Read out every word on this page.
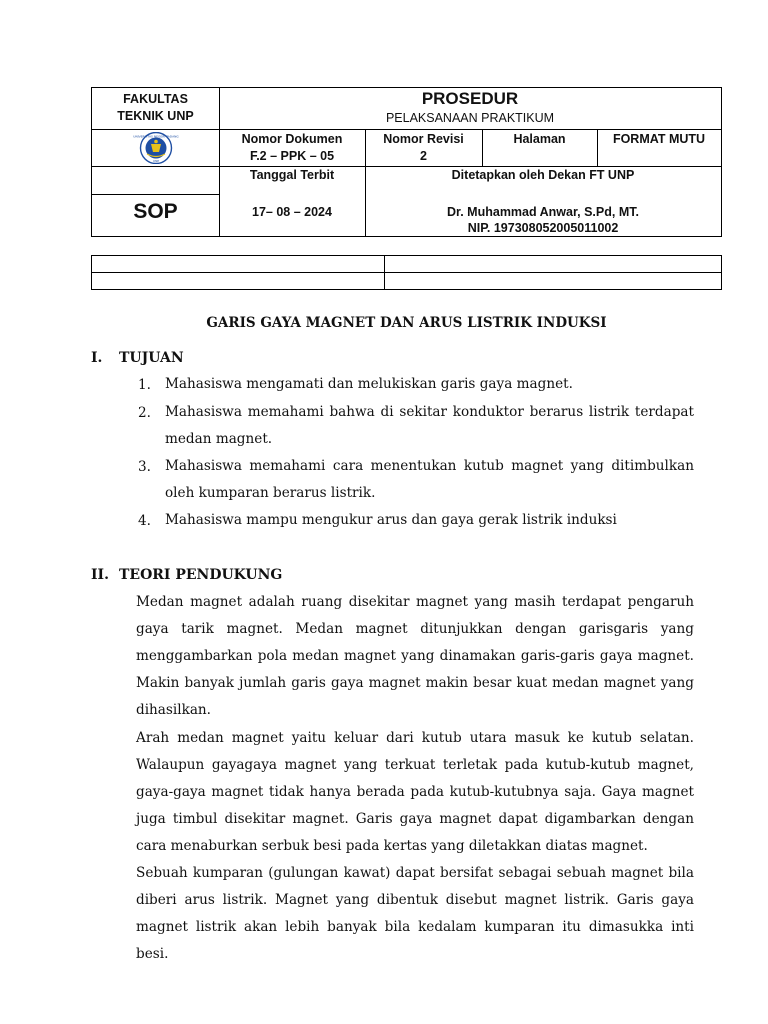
FAKULTAS
TEKNIK UNP
UNIVERSITAS NEGERI PADANG
UNP
SOP
PROSEDUR
PELAKSANAAN PRAKTIKUM
Nomor Dokumen
F.2 – PPK – 05
Nomor Revisi
2
Halaman	FORMAT MUTU
Tanggal Terbit
17– 08 – 2024
Ditetapkan oleh Dekan FT UNP
Dr. Muhammad Anwar, S.Pd, MT.
NIP. 197308052005011002
GARIS GAYA MAGNET DAN ARUS LISTRIK INDUKSI
I. TUJUAN
1. Mahasiswa mengamati dan melukiskan garis gaya magnet.
2. Mahasiswa memahami bahwa di sekitar konduktor berarus listrik terdapat medan magnet.
3. Mahasiswa memahami cara menentukan kutub magnet yang ditimbulkan oleh kumparan berarus listrik.
4. Mahasiswa mampu mengukur arus dan gaya gerak listrik induksi
II. TEORI PENDUKUNG
Medan magnet adalah ruang disekitar magnet yang masih terdapat pengaruh gaya tarik magnet. Medan magnet ditunjukkan dengan garisgaris yang menggambarkan pola medan magnet yang dinamakan garis-garis gaya magnet. Makin banyak jumlah garis gaya magnet makin besar kuat medan magnet yang dihasilkan.
Arah medan magnet yaitu keluar dari kutub utara masuk ke kutub selatan. Walaupun gayagaya magnet yang terkuat terletak pada kutub-kutub magnet, gaya-gaya magnet tidak hanya berada pada kutub-kutubnya saja. Gaya magnet juga timbul disekitar magnet. Garis gaya magnet dapat digambarkan dengan cara menaburkan serbuk besi pada kertas yang diletakkan diatas magnet.
Sebuah kumparan (gulungan kawat) dapat bersifat sebagai sebuah magnet bila diberi arus listrik. Magnet yang dibentuk disebut magnet listrik. Garis gaya magnet listrik akan lebih banyak bila kedalam kumparan itu dimasukka inti besi.
